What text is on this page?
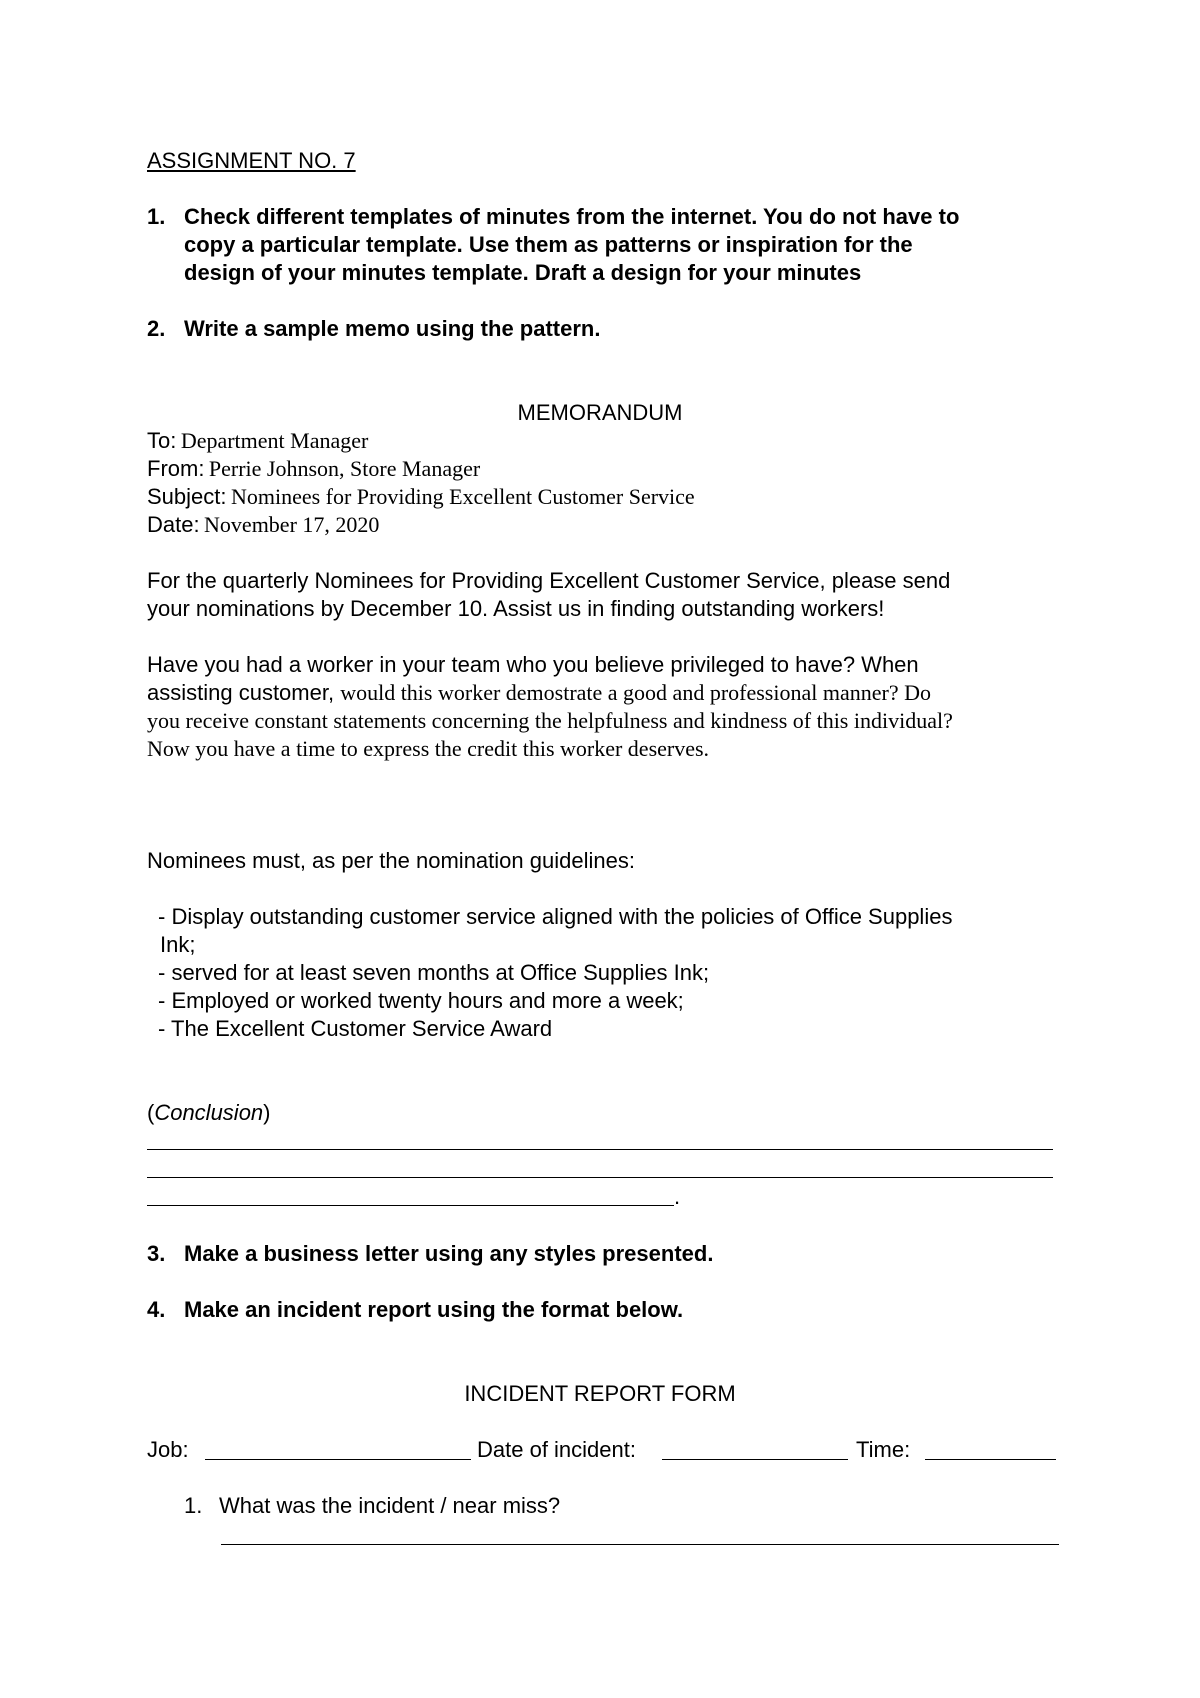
ASSIGNMENT NO. 7
1. Check different templates of minutes from the internet. You do not have to
copy a particular template. Use them as patterns or inspiration for the
design of your minutes template. Draft a design for your minutes
2. Write a sample memo using the pattern.
MEMORANDUM
To: Department Manager
From: Perrie Johnson, Store Manager
Subject: Nominees for Providing Excellent Customer Service
Date: November 17, 2020
For the quarterly Nominees for Providing Excellent Customer Service, please send
your nominations by December 10. Assist us in finding outstanding workers!
Have you had a worker in your team who you believe privileged to have? When
assisting customer, would this worker demostrate a good and professional manner? Do
you receive constant statements concerning the helpfulness and kindness of this individual?
Now you have a time to express the credit this worker deserves.
Nominees must, as per the nomination guidelines:
- Display outstanding customer service aligned with the policies of Office Supplies
Ink;
- served for at least seven months at Office Supplies Ink;
- Employed or worked twenty hours and more a week;
- The Excellent Customer Service Award
(Conclusion)
.
3. Make a business letter using any styles presented.
4. Make an incident report using the format below.
INCIDENT REPORT FORM
Job:	Date of incident:	Time:
1. What was the incident / near miss?
